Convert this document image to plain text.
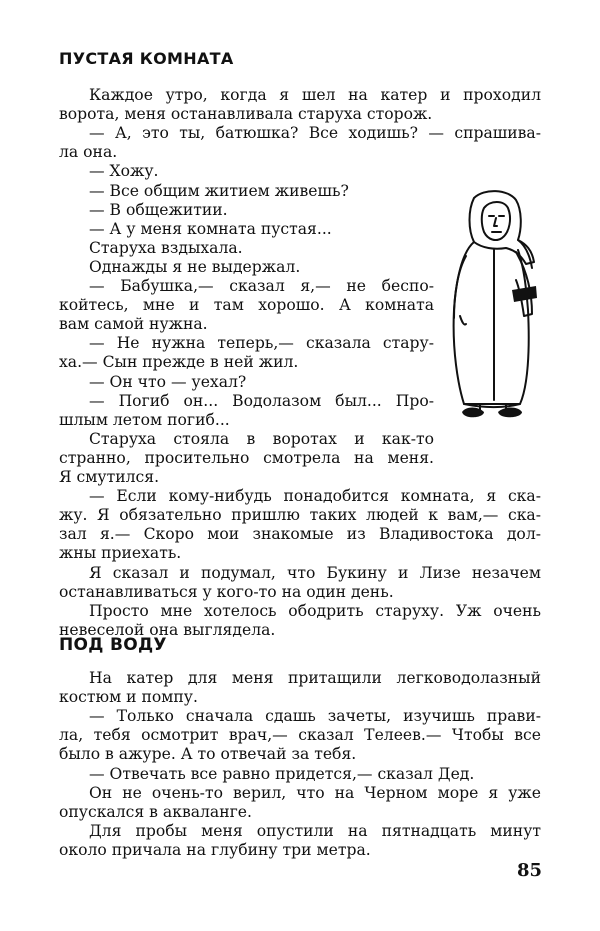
ПУСТАЯ КОМНАТА
Каждое утро, когда я шел на катер и проходил
ворота, меня останавливала старуха сторож.
— А, это ты, батюшка? Все ходишь? — спрашива-
ла она.
— Хожу.
— Все общим житием живешь?
— В общежитии.
— А у меня комната пустая...
Старуха вздыхала.
Однажды я не выдержал.
— Бабушка,— сказал я,— не беспо-
койтесь, мне и там хорошо. А комната
вам самой нужна.
— Не нужна теперь,— сказала стару-
ха.— Сын прежде в ней жил.
— Он что — уехал?
— Погиб он... Водолазом был... Про-
шлым летом погиб...
Старуха стояла в воротах и как-то
странно, просительно смотрела на меня.
Я смутился.
— Если кому-нибудь понадобится комната, я ска-
жу. Я обязательно пришлю таких людей к вам,— ска-
зал я.— Скоро мои знакомые из Владивостока дол-
жны приехать.
Я сказал и подумал, что Букину и Лизе незачем
останавливаться у кого-то на один день.
Просто мне хотелось ободрить старуху. Уж очень
невеселой она выглядела.
ПОД ВОДУ
На катер для меня притащили легководолазный
костюм и помпу.
— Только сначала сдашь зачеты, изучишь прави-
ла, тебя осмотрит врач,— сказал Телеев.— Чтобы все
было в ажуре. А то отвечай за тебя.
— Отвечать все равно придется,— сказал Дед.
Он не очень-то верил, что на Черном море я уже
опускался в акваланге.
Для пробы меня опустили на пятнадцать минут
около причала на глубину три метра.
85
